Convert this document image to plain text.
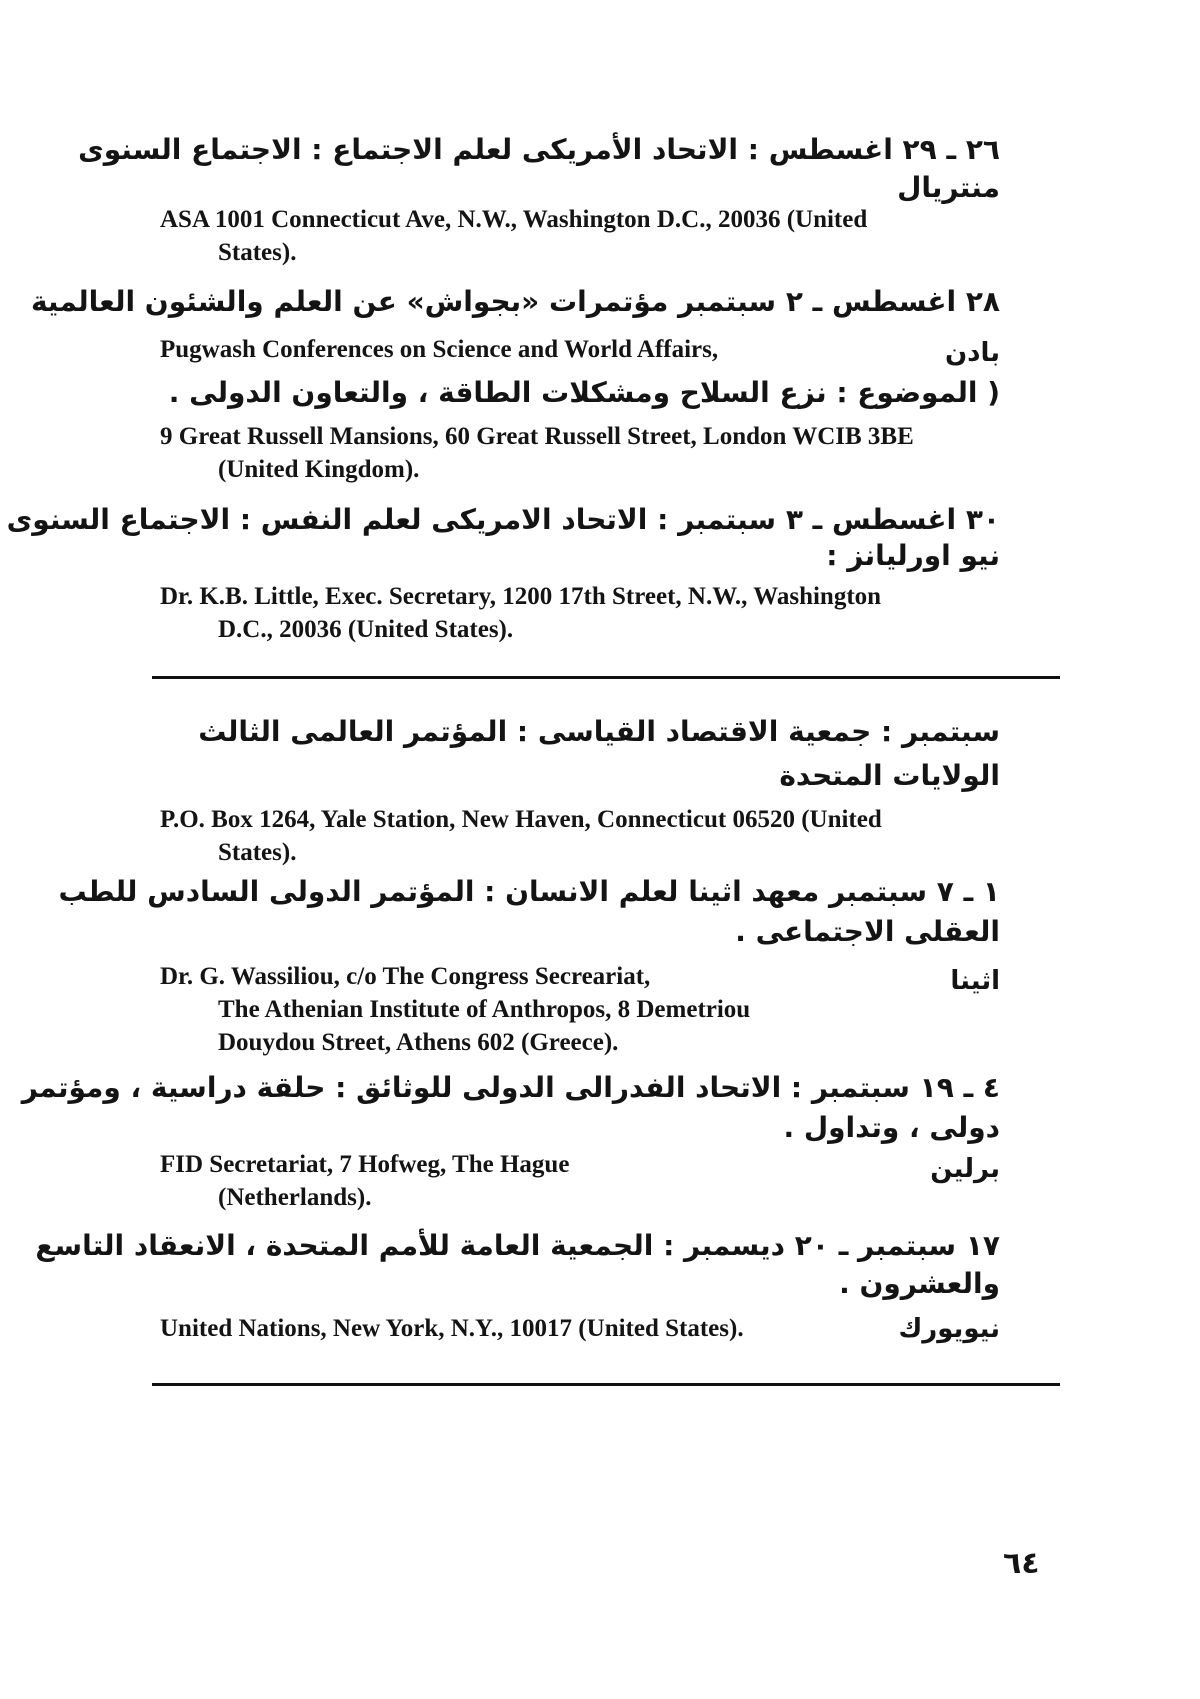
٢٦ ـ ٢٩ اغسطس : الاتحاد الأمريكى لعلم الاجتماع : الاجتماع السنوى
منتريال
ASA 1001 Connecticut Ave, N.W., Washington D.C., 20036 (United
States).
٢٨ اغسطس ـ ٢ سبتمبر مؤتمرات «بجواش» عن العلم والشئون العالمية
Pugwash Conferences on Science and World Affairs,	بادن
( الموضوع : نزع السلاح ومشكلات الطاقة ، والتعاون الدولى .
9 Great Russell Mansions, 60 Great Russell Street, London WCIB 3BE
(United Kingdom).
٣٠ اغسطس ـ ٣ سبتمبر : الاتحاد الامريكى لعلم النفس : الاجتماع السنوى
نيو اورليانز :
Dr. K.B. Little, Exec. Secretary, 1200 17th Street, N.W., Washington
D.C., 20036 (United States).
سبتمبر : جمعية الاقتصاد القياسى : المؤتمر العالمى الثالث
الولايات المتحدة
P.O. Box 1264, Yale Station, New Haven, Connecticut 06520 (United
States).
١ ـ ٧ سبتمبر معهد اثينا لعلم الانسان : المؤتمر الدولى السادس للطب
العقلى الاجتماعى .
اثينا
Dr. G. Wassiliou, c/o The Congress Secreariat,
The Athenian Institute of Anthropos, 8 Demetriou
Douydou Street, Athens 602 (Greece).
٤ ـ ١٩ سبتمبر : الاتحاد الفدرالى الدولى للوثائق : حلقة دراسية ، ومؤتمر
دولى ، وتداول .
برلين
FID Secretariat, 7 Hofweg, The Hague
(Netherlands).
١٧ سبتمبر ـ ٢٠ ديسمبر : الجمعية العامة للأمم المتحدة ، الانعقاد التاسع
والعشرون .
United Nations, New York, N.Y., 10017 (United States).	نيويورك
٦٤
